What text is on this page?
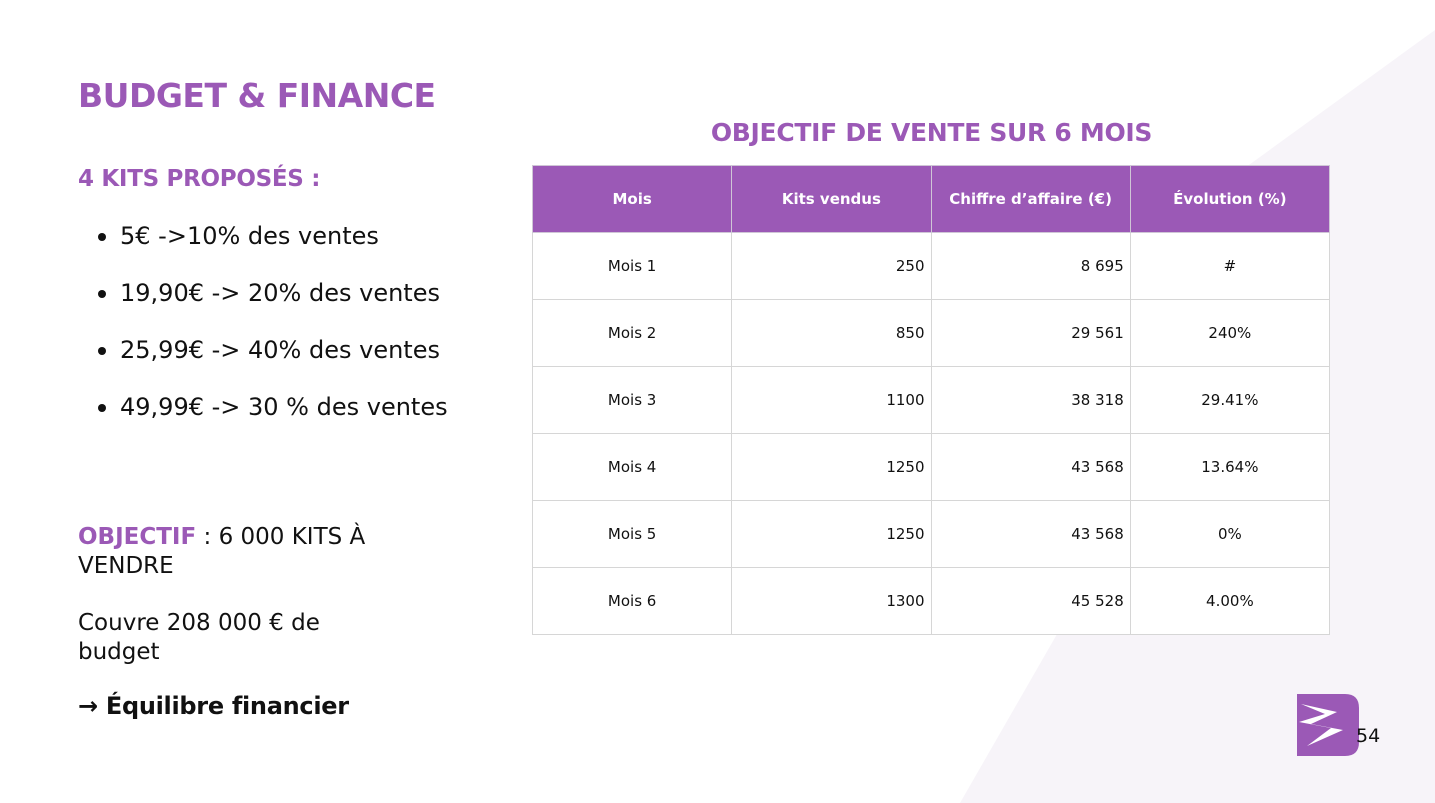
BUDGET & FINANCE
4 KITS PROPOSÉS :
5€ ->10% des ventes
19,90€ -> 20% des ventes
25,99€ -> 40% des ventes
49,99€ -> 30 % des ventes

OBJECTIF : 6 000 KITS À VENDRE

Couvre 208 000 € de budget

→ Équilibre financier

OBJECTIF DE VENTE SUR 6 MOIS
Mois	Kits vendus	Chiffre d’affaire (€)	Évolution (%)
Mois 1	250	8 695	#
Mois 2	850	29 561	240%
Mois 3	1100	38 318	29.41%
Mois 4	1250	43 568	13.64%
Mois 5	1250	43 568	0%
Mois 6	1300	45 528	4.00%
54
